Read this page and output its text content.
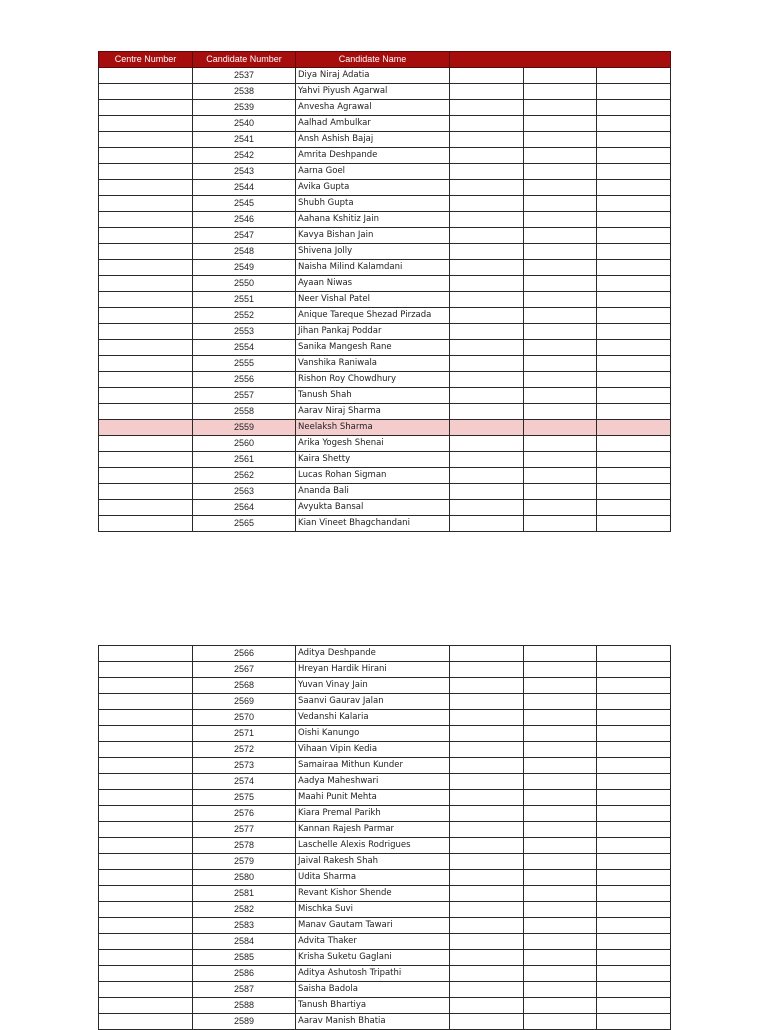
Centre Number	Candidate Number	Candidate Name			
	2537	Diya Niraj Adatia			
	2538	Yahvi Piyush Agarwal			
	2539	Anvesha Agrawal			
	2540	Aalhad Ambulkar			
	2541	Ansh Ashish Bajaj			
	2542	Amrita Deshpande			
	2543	Aarna Goel			
	2544	Avika Gupta			
	2545	Shubh Gupta			
	2546	Aahana Kshitiz Jain			
	2547	Kavya Bishan Jain			
	2548	Shivena Jolly			
	2549	Naisha Milind Kalamdani			
	2550	Ayaan Niwas			
	2551	Neer Vishal Patel			
	2552	Anique Tareque Shezad Pirzada			
	2553	Jihan Pankaj Poddar			
	2554	Sanika Mangesh Rane			
	2555	Vanshika Raniwala			
	2556	Rishon Roy Chowdhury			
	2557	Tanush Shah			
	2558	Aarav Niraj Sharma			
	2559	Neelaksh Sharma			
	2560	Arika Yogesh Shenai			
	2561	Kaira Shetty			
	2562	Lucas Rohan Sigman			
	2563	Ananda Bali			
	2564	Avyukta Bansal			
	2565	Kian Vineet Bhagchandani			
	2566	Aditya Deshpande			
	2567	Hreyan Hardik Hirani			
	2568	Yuvan Vinay Jain			
	2569	Saanvi Gaurav Jalan			
	2570	Vedanshi Kalaria			
	2571	Oishi Kanungo			
	2572	Vihaan Vipin Kedia			
	2573	Samairaa Mithun Kunder			
	2574	Aadya Maheshwari			
	2575	Maahi Punit Mehta			
	2576	Kiara Premal Parikh			
	2577	Kannan Rajesh Parmar			
	2578	Laschelle Alexis Rodrigues			
	2579	Jaival Rakesh Shah			
	2580	Udita Sharma			
	2581	Revant Kishor Shende			
	2582	Mischka Suvi			
	2583	Manav Gautam Tawari			
	2584	Advita Thaker			
	2585	Krisha Suketu Gaglani			
	2586	Aditya Ashutosh Tripathi			
	2587	Saisha Badola			
	2588	Tanush Bhartiya			
	2589	Aarav Manish Bhatia			
